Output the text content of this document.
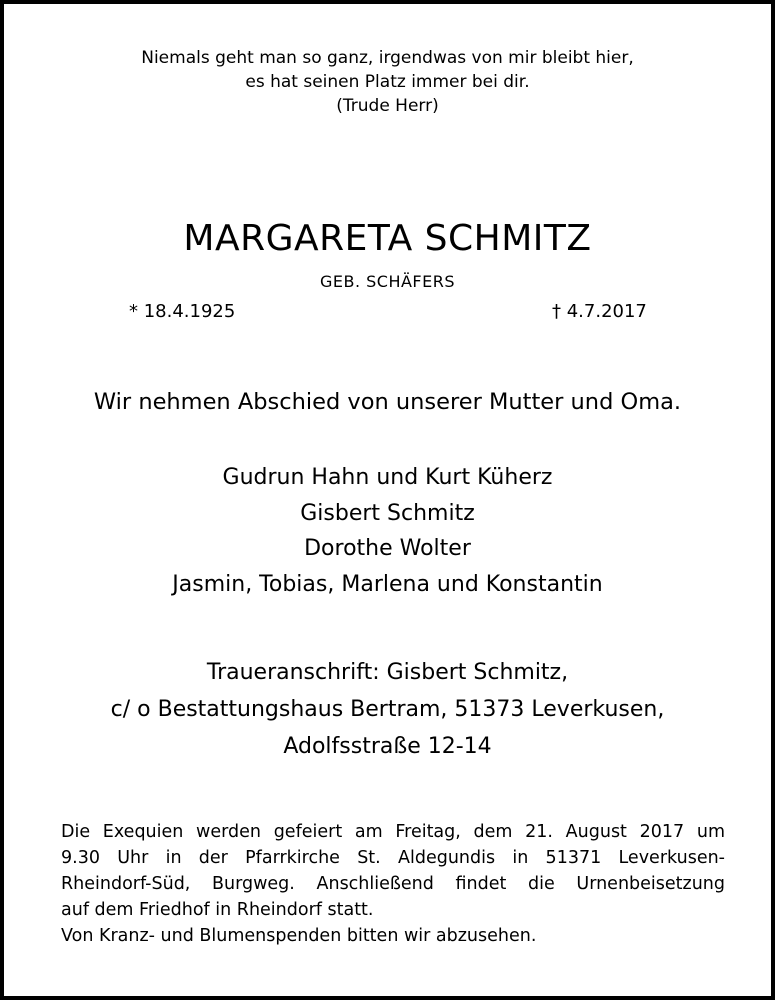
Niemals geht man so ganz, irgendwas von mir bleibt hier,
es hat seinen Platz immer bei dir.
(Trude Herr)
MARGARETA SCHMITZ
GEB. SCHÄFERS
* 18.4.1925	† 4.7.2017
Wir nehmen Abschied von unserer Mutter und Oma.
Gudrun Hahn und Kurt Küherz
Gisbert Schmitz
Dorothe Wolter
Jasmin, Tobias, Marlena und Konstantin
Traueranschrift: Gisbert Schmitz,
c/ o Bestattungshaus Bertram, 51373 Leverkusen,
Adolfsstraße 12-14
Die Exequien werden gefeiert am Freitag, dem 21. August 2017 um
9.30 Uhr in der Pfarrkirche St. Aldegundis in 51371 Leverkusen-
Rheindorf-Süd, Burgweg. Anschließend findet die Urnenbeisetzung
auf dem Friedhof in Rheindorf statt.
Von Kranz- und Blumenspenden bitten wir abzusehen.
